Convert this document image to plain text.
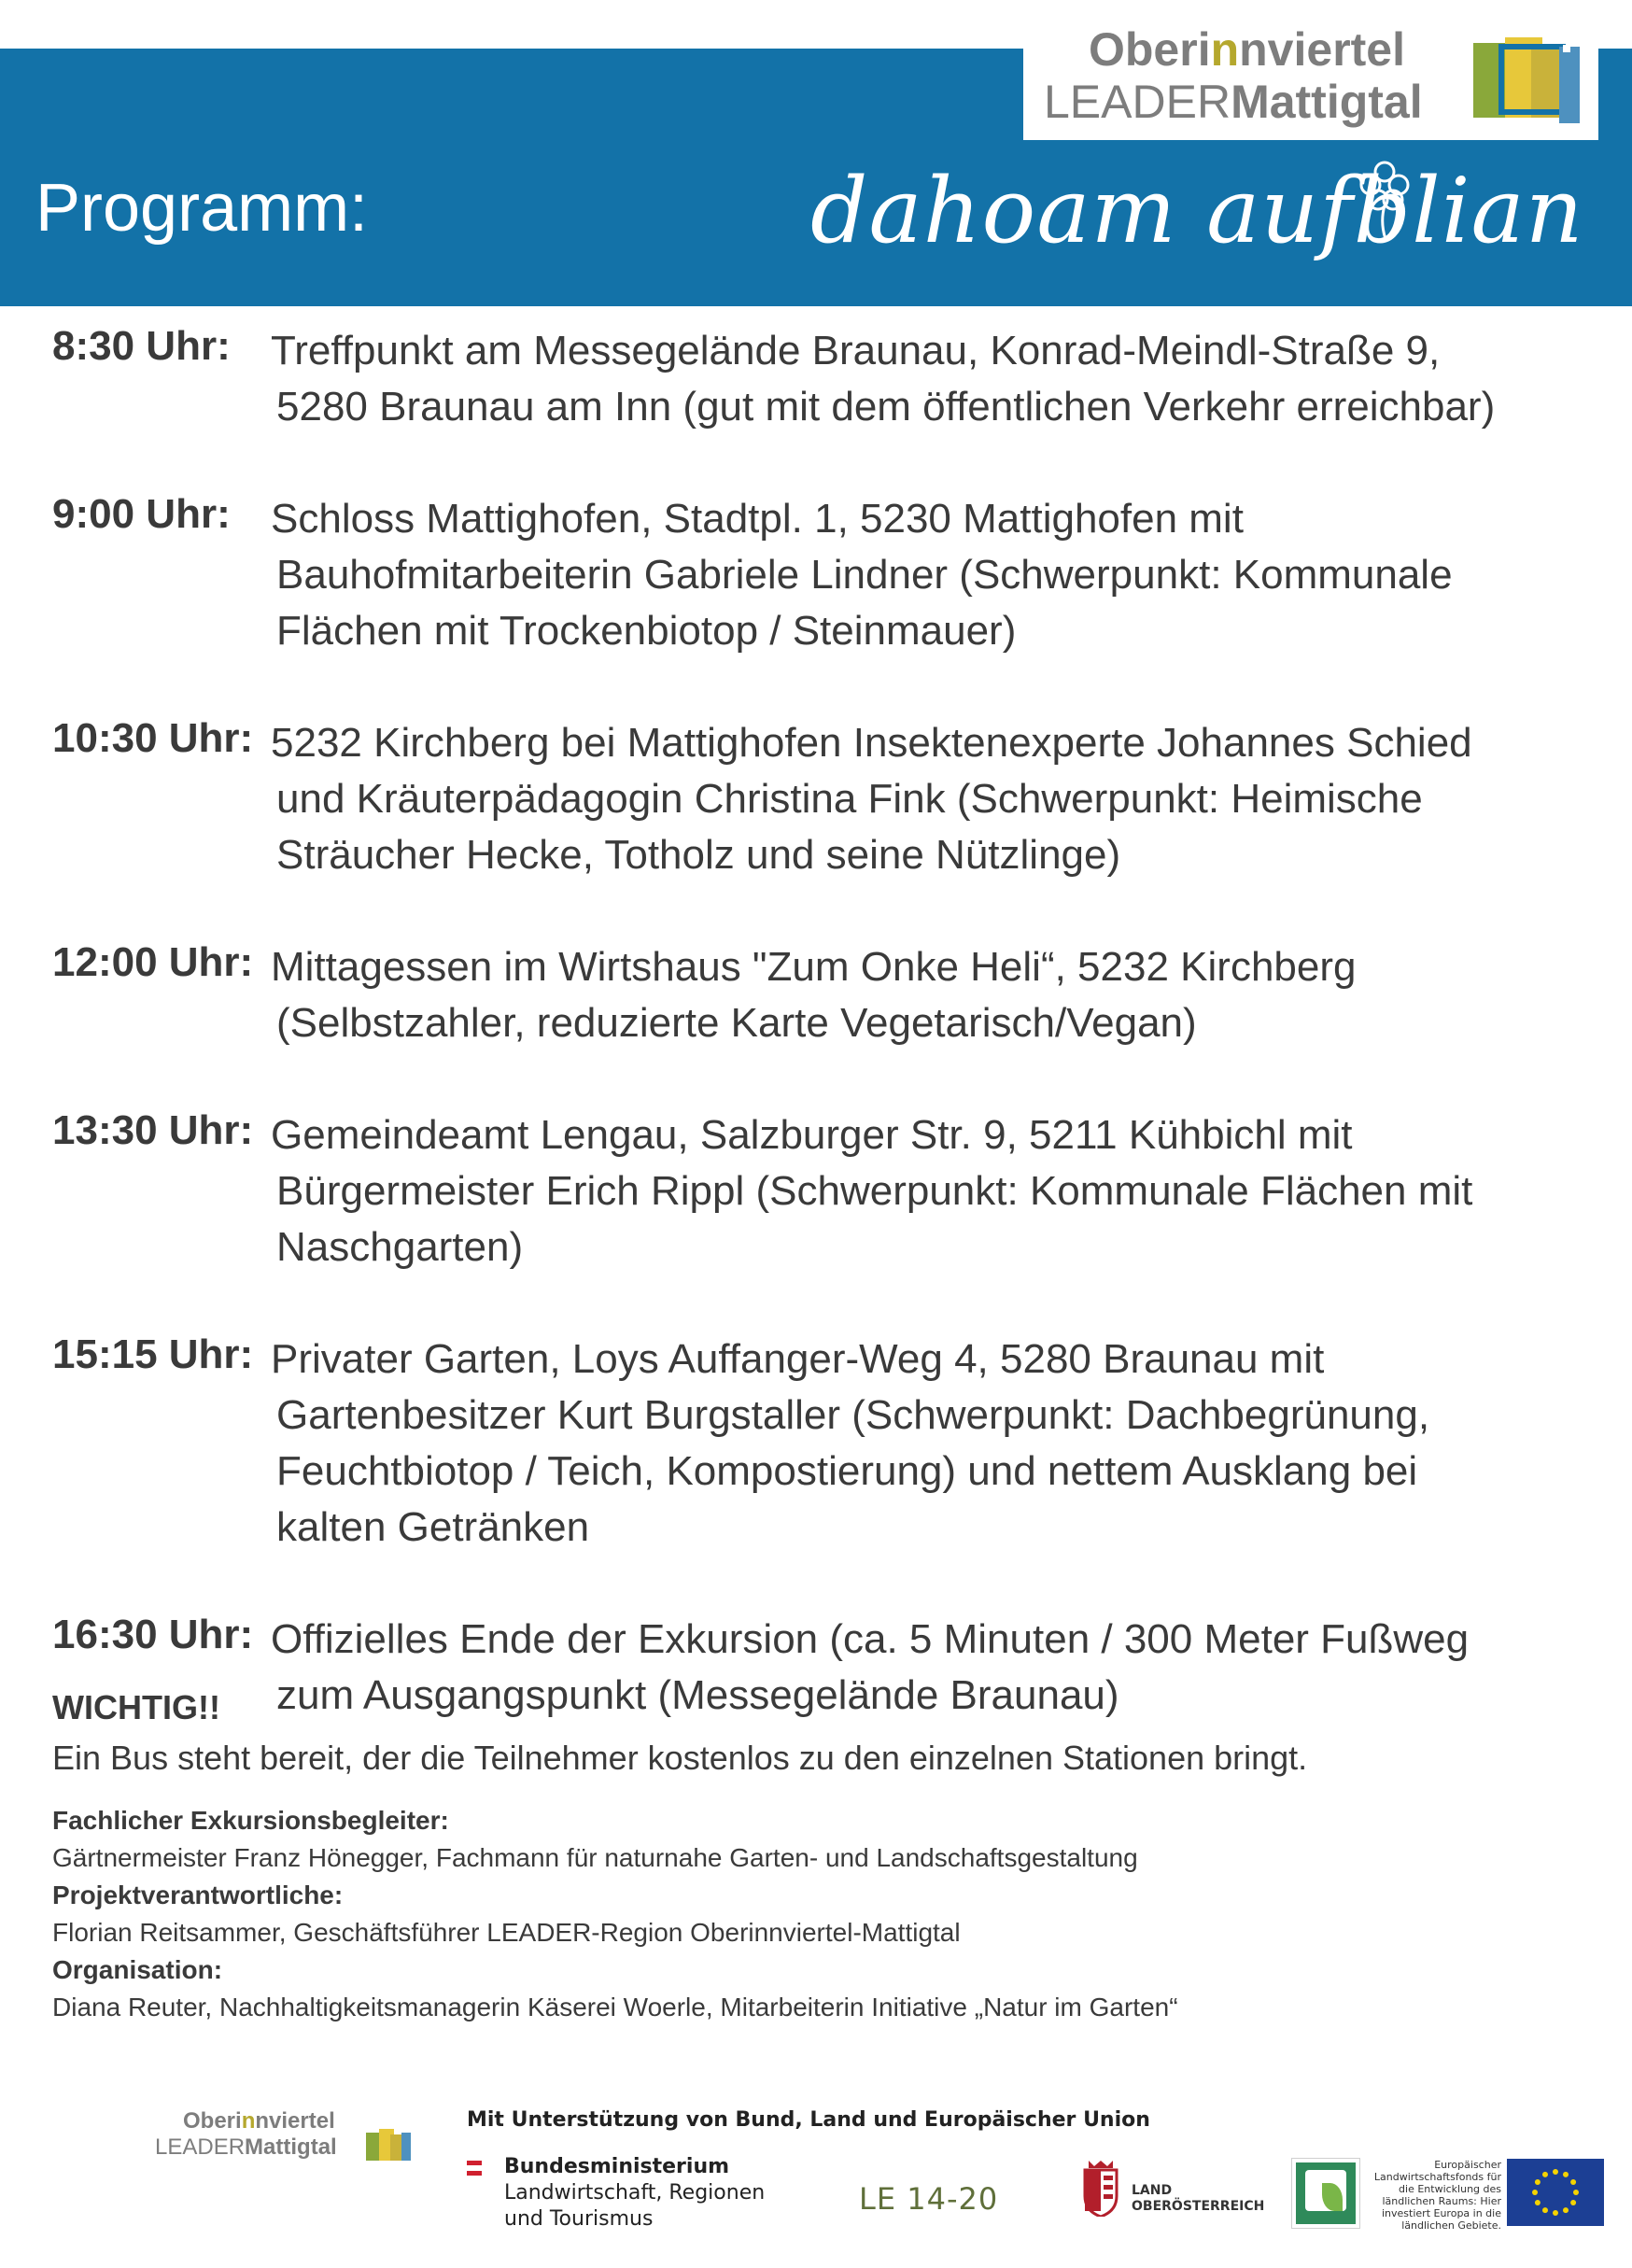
Programm:	dahoam aufblian
Oberinnviertel
LEADERMattigtal
8:30 Uhr: Treffpunkt am Messegelände Braunau, Konrad-Meindl-Straße 9,
5280 Braunau am Inn (gut mit dem öffentlichen Verkehr erreichbar)
9:00 Uhr: Schloss Mattighofen, Stadtpl. 1, 5230 Mattighofen mit
Bauhofmitarbeiterin Gabriele Lindner (Schwerpunkt: Kommunale
Flächen mit Trockenbiotop / Steinmauer)
10:30 Uhr: 5232 Kirchberg bei Mattighofen Insektenexperte Johannes Schied
und Kräuterpädagogin Christina Fink (Schwerpunkt: Heimische
Sträucher Hecke, Totholz und seine Nützlinge)
12:00 Uhr: Mittagessen im Wirtshaus "Zum Onke Heli“, 5232 Kirchberg
(Selbstzahler, reduzierte Karte Vegetarisch/Vegan)
13:30 Uhr: Gemeindeamt Lengau, Salzburger Str. 9, 5211 Kühbichl mit
Bürgermeister Erich Rippl (Schwerpunkt: Kommunale Flächen mit
Naschgarten)
15:15 Uhr: Privater Garten, Loys Auffanger-Weg 4, 5280 Braunau mit
Gartenbesitzer Kurt Burgstaller (Schwerpunkt: Dachbegrünung,
Feuchtbiotop / Teich, Kompostierung) und nettem Ausklang bei
kalten Getränken
16:30 Uhr: Offizielles Ende der Exkursion (ca. 5 Minuten / 300 Meter Fußweg
zum Ausgangspunkt (Messegelände Braunau)
WICHTIG!!
Ein Bus steht bereit, der die Teilnehmer kostenlos zu den einzelnen Stationen bringt.
Fachlicher Exkursionsbegleiter:
Gärtnermeister Franz Hönegger, Fachmann für naturnahe Garten- und Landschaftsgestaltung
Projektverantwortliche:
Florian Reitsammer, Geschäftsführer LEADER-Region Oberinnviertel-Mattigtal
Organisation:
Diana Reuter, Nachhaltigkeitsmanagerin Käserei Woerle, Mitarbeiterin Initiative „Natur im Garten“
Oberinnviertel
LEADERMattigtal
dahoam aufblian
Mit Unterstützung von Bund, Land und Europäischer Union
Bundesministerium
Landwirtschaft, Regionen
und Tourismus
LE 14-20	LAND
OBERÖSTERREICH
Europäischer Landwirtschaftsfonds für die Entwicklung des ländlichen Raums: Hier investiert Europa in die ländlichen Gebiete.
